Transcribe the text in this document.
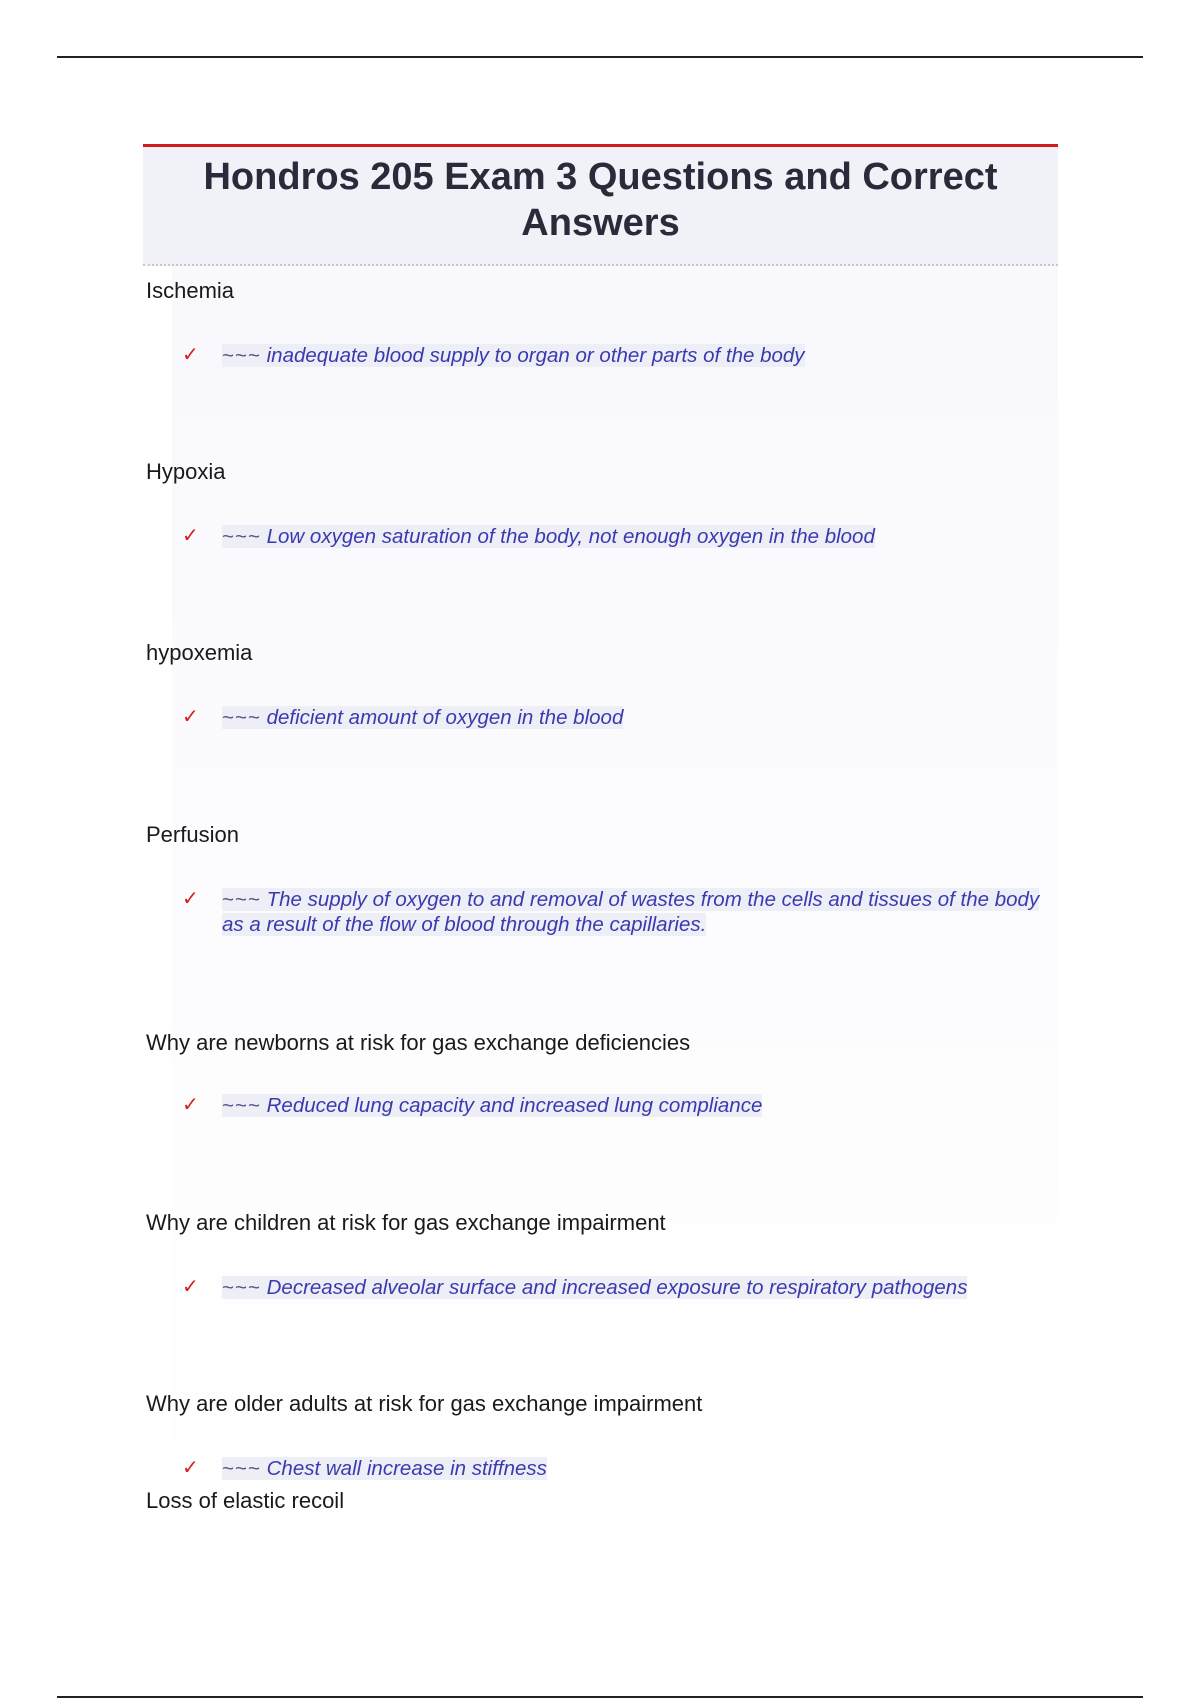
Hondros 205 Exam 3 Questions and Correct Answers
Ischemia
✓ ~~~ inadequate blood supply to organ or other parts of the body
Hypoxia
✓ ~~~ Low oxygen saturation of the body, not enough oxygen in the blood
hypoxemia
✓ ~~~ deficient amount of oxygen in the blood
Perfusion
✓ ~~~ The supply of oxygen to and removal of wastes from the cells and tissues of the body as a result of the flow of blood through the capillaries.
Why are newborns at risk for gas exchange deficiencies
✓ ~~~ Reduced lung capacity and increased lung compliance
Why are children at risk for gas exchange impairment
✓ ~~~ Decreased alveolar surface and increased exposure to respiratory pathogens
Why are older adults at risk for gas exchange impairment
✓ ~~~ Chest wall increase in stiffness
Loss of elastic recoil
